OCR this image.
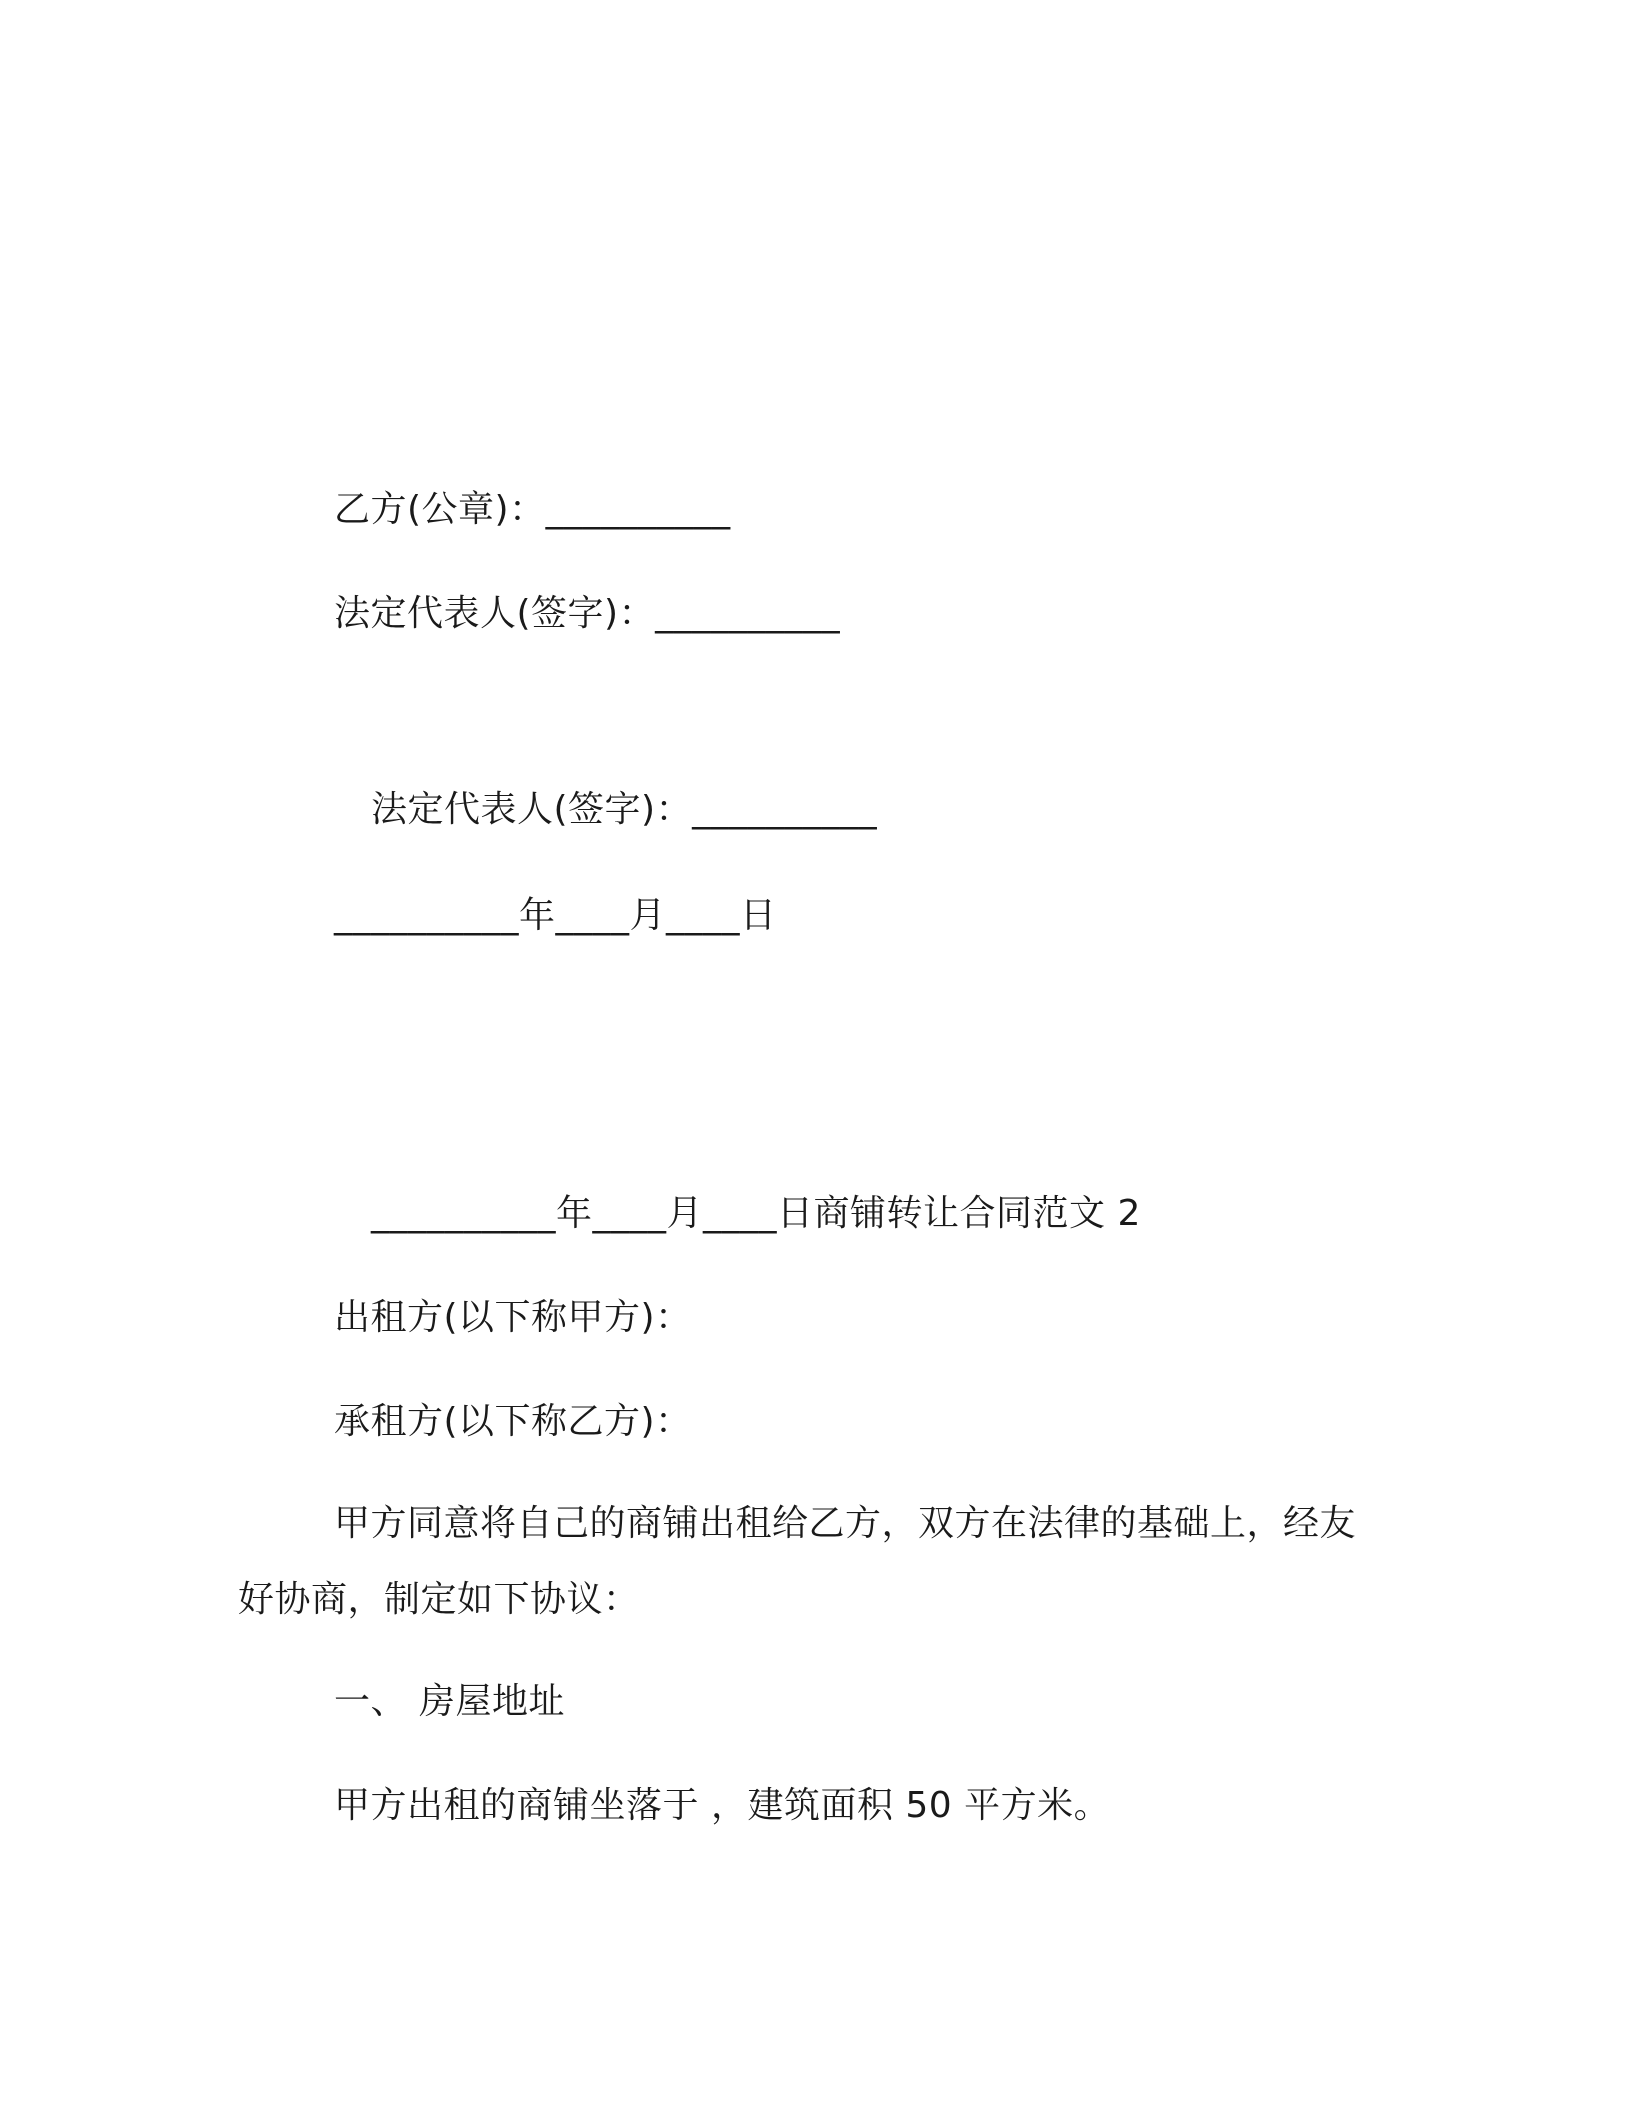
乙方(公章)：__________
法定代表人(签字)：__________
法定代表人(签字)：__________
__________年____月____日
__________年____月____日商铺转让合同范文 2
出租方(以下称甲方)：
承租方(以下称乙方)：
甲方同意将自己的商铺出租给乙方，双方在法律的基础上，经友
好协商，制定如下协议：
一、 房屋地址
甲方出租的商铺坐落于 ，建筑面积 50 平方米。
